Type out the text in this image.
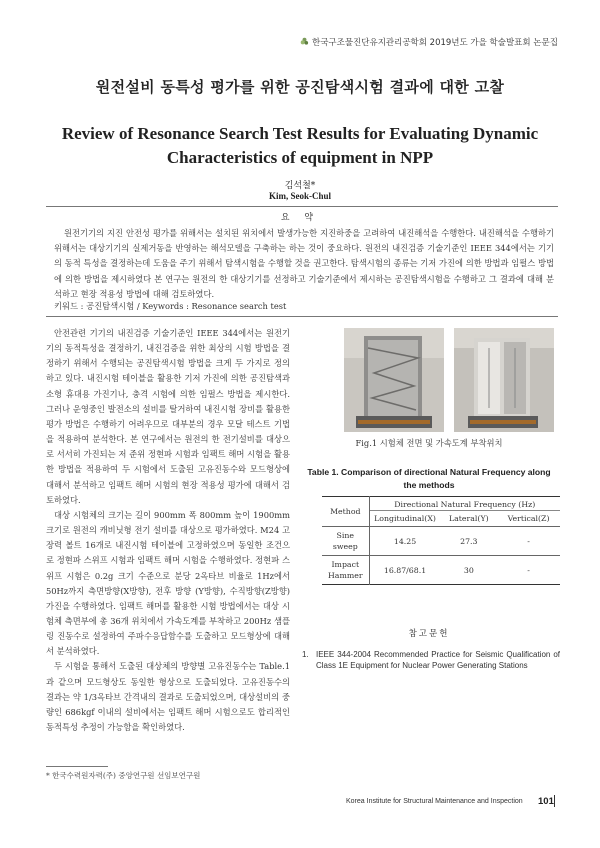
한국구조물진단유지관리공학회 2019년도 가을 학술발표회 논문집
원전설비 동특성 평가를 위한 공진탐색시험 결과에 대한 고찰
Review of Resonance Search Test Results for Evaluating Dynamic Characteristics of equipment in NPP
김석철*
Kim, Seok-Chul
요 약
원전기기의 지진 안전성 평가를 위해서는 설치된 위치에서 발생가능한 지진하중을 고려하여 내진해석을 수행한다. 내진해석을 수행하기 위해서는 대상기기의 실제거동을 반영하는 해석모델을 구축하는 하는 것이 중요하다. 원전의 내진검증 기술기준인 IEEE 344에서는 기기의 동적 특성을 결정하는데 도움을 주기 위해서 탐색시험을 수행할 것을 권고한다. 탐색시험의 종류는 기저 가진에 의한 방법과 임펄스 방법에 의한 방법을 제시하였다 본 연구는 원전의 한 대상기기를 선정하고 기술기준에서 제시하는 공진탐색시험을 수행하고 그 결과에 대해 분석하고 현장 적용성 방법에 대해 검토하였다.
키워드 : 공진탐색시험 / Keywords : Resonance search test

안전관련 기기의 내진검증 기술기준인 IEEE 344에서는 원전기기의 동적특성을 결정하기, 내진검증을 위한 최상의 시험 방법을 결정하기 위해서 수행되는 공진탐색시험 방법을 크게 두 가지로 정의하고 있다. 내진시험 테이블을 활용한 기저 가진에 의한 공진탐색과 소형 휴대용 가진기나, 충격 시험에 의한 임펄스 방법을 제시한다. 그러나 운영중인 발전소의 설비를 탈거하여 내진시험 장비를 활용한 평가 방법은 수행하기 어려우므로 대부분의 경우 모달 테스트 기법을 적용하여 분석한다. 본 연구에서는 원전의 한 전기설비를 대상으로 서서히 가진되는 저 준위 정현파 시험과 임팩트 해머 시험을 활용한 방법을 적용하여 두 시험에서 도출된 고유진동수와 모드형상에 대해서 분석하고 임팩트 해머 시험의 현장 적용성 평가에 대해서 검토하였다.

대상 시험체의 크기는 길이 900mm 폭 800mm 높이 1900mm 크기로 원전의 캐비닛형 전기 설비를 대상으로 평가하였다. M24 고장력 볼트 16개로 내진시험 테이블에 고정하였으며 동일한 조건으로 정현파 스위프 시험과 임팩트 해머 시험을 수행하였다. 정현파 스위프 시험은 0.2g 크기 수준으로 분당 2옥타브 비율로 1Hz에서 50Hz까지 측면방향(X방향), 전후 방향 (Y방향), 수직방향(Z방향) 가진을 수행하였다. 임팩트 해머를 활용한 시험 방법에서는 대상 시험체 측면부에 총 36개 위치에서 가속도계를 부착하고 200Hz 샘플링 진동수로 설정하여 주파수응답함수를 도출하고 모드형상에 대해서 분석하였다.

두 시험을 통해서 도출된 대상체의 방향별 고유진동수는 Table.1과 같으며 모드형상도 동일한 형상으로 도출되었다. 고유진동수의 결과는 약 1/3옥타브 간격내의 결과로 도출되었으며, 대상설비의 중량인 686kgf 이내의 설비에서는 임팩트 해머 시험으로도 합리적인 동적특성 추정이 가능함을 확인하였다.

Fig.1 시험체 전면 및 가속도계 부착위치
Table 1. Comparison of directional Natural Frequency along the methods
Method	Directional Natural Frequency (Hz)		
	Longitudinal(X)	Lateral(Y)	Vertical(Z)
Sine sweep	14.25	27.3	-
Impact Hammer	16.87/68.1	30	-
참고문헌
1. IEEE 344-2004 Recommended Practice for Seismic Qualification of Class 1E Equipment for Nuclear Power Generating Stations
* 한국수력원자력(주) 중앙연구원 선임보연구원
Korea Institute for Structural Maintenance and Inspection 101
